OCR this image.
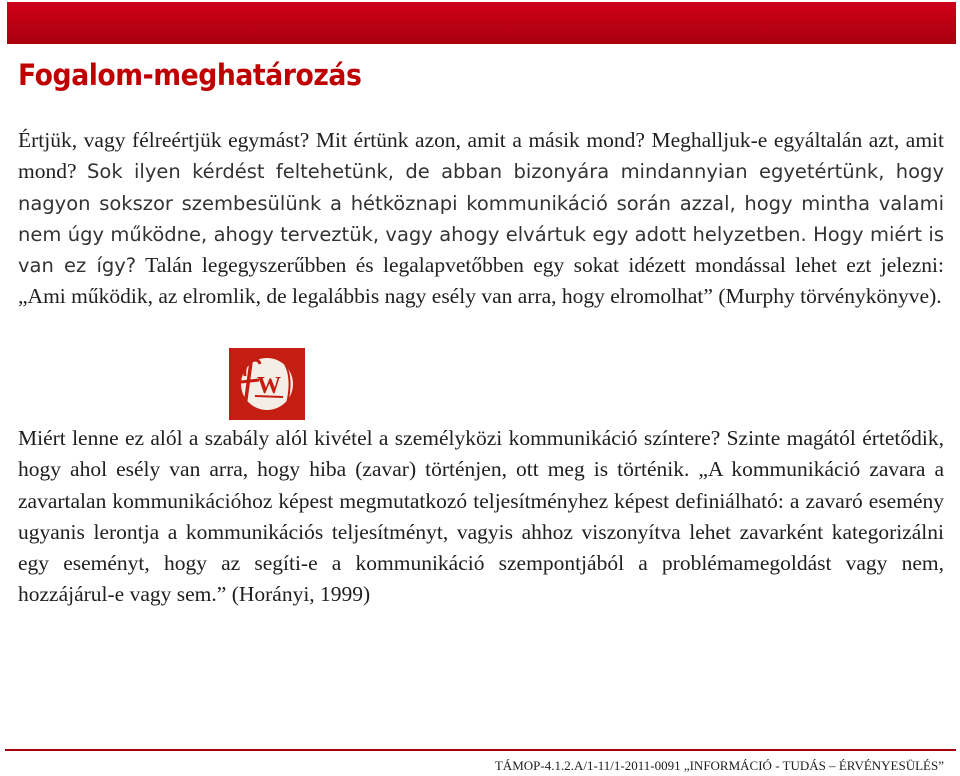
Fogalom-meghatározás
Értjük, vagy félreértjük egymást? Mit értünk azon, amit a másik mond? Meghalljuk-e egyáltalán azt, amit mond? Sok ilyen kérdést feltehetünk, de abban bizonyára mindannyian egyetértünk, hogy nagyon sokszor szembesülünk a hétköznapi kommunikáció során azzal, hogy mintha valami nem úgy működne, ahogy terveztük, vagy ahogy elvártuk egy adott helyzetben. Hogy miért is van ez így? Talán legegyszerűbben és legalapvetőbben egy sokat idézett mondással lehet ezt jelezni: „Ami működik, az elromlik, de legalábbis nagy esély van arra, hogy elromolhat” (Murphy törvénykönyve).
W
Miért lenne ez alól a szabály alól kivétel a személyközi kommunikáció színtere? Szinte magától értetődik, hogy ahol esély van arra, hogy hiba (zavar) történjen, ott meg is történik. „A kommunikáció zavara a zavartalan kommunikációhoz képest megmutatkozó teljesítményhez képest definiálható: a zavaró esemény ugyanis lerontja a kommunikációs teljesítményt, vagyis ahhoz viszonyítva lehet zavarként kategorizálni egy eseményt, hogy az segíti-e a kommunikáció szempontjából a problémamegoldást vagy nem, hozzájárul-e vagy sem.” (Horányi, 1999)
TÁMOP-4.1.2.A/1-11/1-2011-0091 „INFORMÁCIÓ - TUDÁS – ÉRVÉNYESÜLÉS”
